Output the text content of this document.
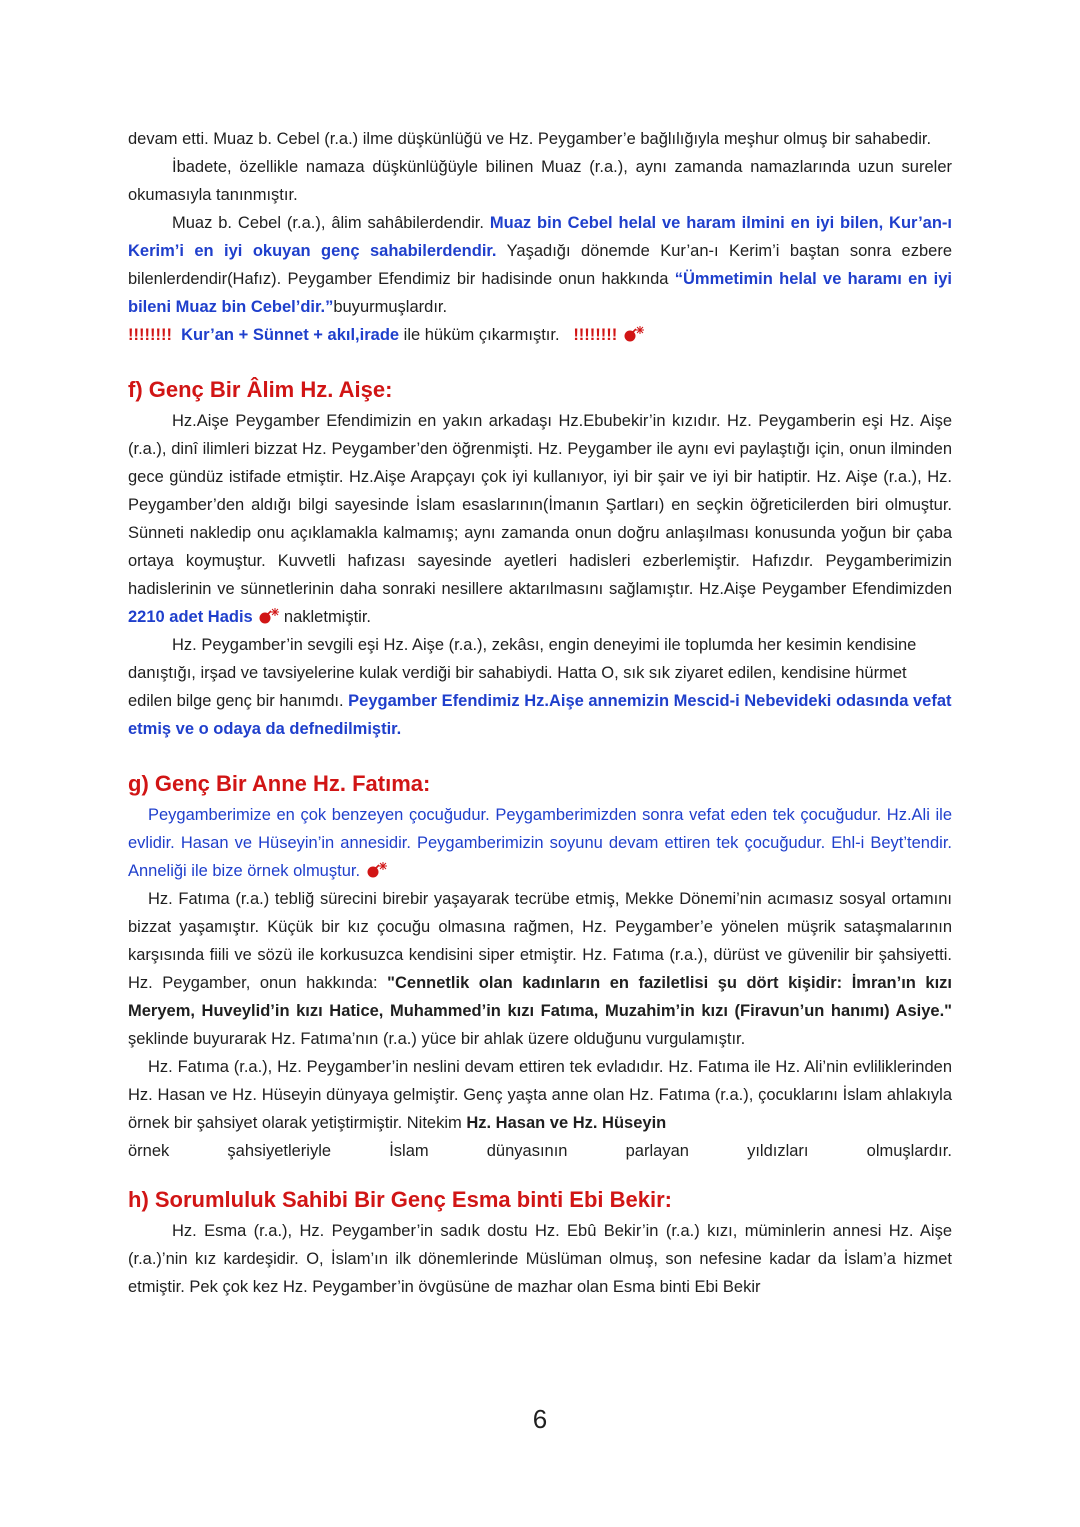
devam etti. Muaz b. Cebel (r.a.) ilme düşkünlüğü ve Hz. Peygamber’e bağlılığıyla meşhur olmuş bir sahabedir.

İbadete, özellikle namaza düşkünlüğüyle bilinen Muaz (r.a.), aynı zamanda namazlarında uzun sureler okumasıyla tanınmıştır.

Muaz b. Cebel (r.a.), âlim sahâbilerdendir. Muaz bin Cebel helal ve haram ilmini en iyi bilen, Kur’an-ı Kerim’i en iyi okuyan genç sahabilerdendir. Yaşadığı dönemde Kur’an-ı Kerim’i baştan sonra ezbere bilenlerdendir(Hafız). Peygamber Efendimiz bir hadisinde onun hakkında “Ümmetimin helal ve haramı en iyi bileni Muaz bin Cebel’dir.”buyurmuşlardır.

!!!!!!!! Kur’an + Sünnet + akıl,irade ile hüküm çıkarmıştır. !!!!!!!!

f) Genç Bir Âlim Hz. Aişe:

Hz.Aişe Peygamber Efendimizin en yakın arkadaşı Hz.Ebubekir’in kızıdır. Hz. Peygamberin eşi Hz. Aişe (r.a.), dinî ilimleri bizzat Hz. Peygamber’den öğrenmişti. Hz. Peygamber ile aynı evi paylaştığı için, onun ilminden gece gündüz istifade etmiştir. Hz.Aişe Arapçayı çok iyi kullanıyor, iyi bir şair ve iyi bir hatiptir. Hz. Aişe (r.a.), Hz. Peygamber’den aldığı bilgi sayesinde İslam esaslarının(İmanın Şartları) en seçkin öğreticilerden biri olmuştur. Sünneti nakledip onu açıklamakla kalmamış; aynı zamanda onun doğru anlaşılması konusunda yoğun bir çaba ortaya koymuştur. Kuvvetli hafızası sayesinde ayetleri hadisleri ezberlemiştir. Hafızdır. Peygamberimizin hadislerinin ve sünnetlerinin daha sonraki nesillere aktarılmasını sağlamıştır. Hz.Aişe Peygamber Efendimizden 2210 adet Hadis  nakletmiştir.

Hz. Peygamber’in sevgili eşi Hz. Aişe (r.a.), zekâsı, engin deneyimi ile toplumda her kesimin kendisine danıştığı, irşad ve tavsiyelerine kulak verdiği bir sahabiydi. Hatta O, sık sık ziyaret edilen, kendisine hürmet edilen bilge genç bir hanımdı. Peygamber Efendimiz Hz.Aişe annemizin Mescid-i Nebevideki odasında vefat etmiş ve o odaya da defnedilmiştir.

g) Genç Bir Anne Hz. Fatıma:

Peygamberimize en çok benzeyen çocuğudur. Peygamberimizden sonra vefat eden tek çocuğudur. Hz.Ali ile evlidir. Hasan ve Hüseyin’in annesidir. Peygamberimizin soyunu devam ettiren tek çocuğudur. Ehl-i Beyt’tendir. Anneliği ile bize örnek olmuştur.

Hz. Fatıma (r.a.) tebliğ sürecini birebir yaşayarak tecrübe etmiş, Mekke Dönemi’nin acımasız sosyal ortamını bizzat yaşamıştır. Küçük bir kız çocuğu olmasına rağmen, Hz. Peygamber’e yönelen müşrik sataşmalarının karşısında fiili ve sözü ile korkusuzca kendisini siper etmiştir. Hz. Fatıma (r.a.), dürüst ve güvenilir bir şahsiyetti. Hz. Peygamber, onun hakkında: "Cennetlik olan kadınların en faziletlisi şu dört kişidir: İmran’ın kızı Meryem, Huveylid’in kızı Hatice, Muhammed’in kızı Fatıma, Muzahim’in kızı (Firavun’un hanımı) Asiye." şeklinde buyurarak Hz. Fatıma’nın (r.a.) yüce bir ahlak üzere olduğunu vurgulamıştır.

Hz. Fatıma (r.a.), Hz. Peygamber’in neslini devam ettiren tek evladıdır. Hz. Fatıma ile Hz. Ali’nin evliliklerinden Hz. Hasan ve Hz. Hüseyin dünyaya gelmiştir. Genç yaşta anne olan Hz. Fatıma (r.a.), çocuklarını İslam ahlakıyla örnek bir şahsiyet olarak yetiştirmiştir. Nitekim Hz. Hasan ve Hz. Hüseyin

örnek	şahsiyetleriyle	İslam	dünyasının	parlayan	yıldızları	olmuşlardır.
h) Sorumluluk Sahibi Bir Genç Esma binti Ebi Bekir:

Hz. Esma (r.a.), Hz. Peygamber’in sadık dostu Hz. Ebû Bekir’in (r.a.) kızı, müminlerin annesi Hz. Aişe (r.a.)’nin kız kardeşidir. O, İslam’ın ilk dönemlerinde Müslüman olmuş, son nefesine kadar da İslam’a hizmet etmiştir. Pek çok kez Hz. Peygamber’in övgüsüne de mazhar olan Esma binti Ebi Bekir

6
